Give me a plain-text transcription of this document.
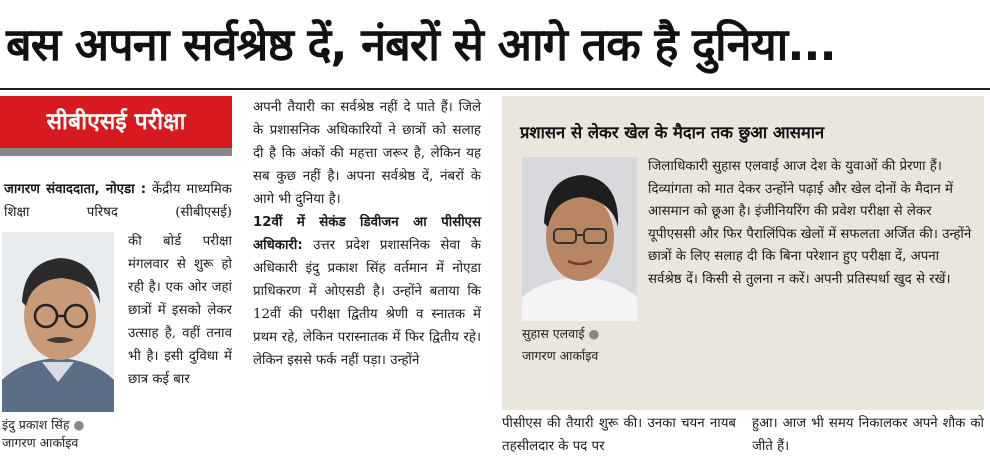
बस अपना सर्वश्रेष्ठ दें, नंबरों से आगे तक है दुनिया...
सीबीएसई परीक्षा

जागरण संवाददाता, नोएडा : केंद्रीय माध्यमिक शिक्षा परिषद (सीबीएसई)

इंदु प्रकाश सिंह ●
जागरण आर्काइव

की बोर्ड परीक्षा मंगलवार से शुरू हो रही है। एक ओर जहां छात्रों में इसको लेकर उत्साह है, वहीं तनाव भी है। इसी दुविधा में छात्र कई बार

अपनी तैयारी का सर्वश्रेष्ठ नहीं दे पाते हैं। जिले के प्रशासनिक अधिकारियों ने छात्रों को सलाह दी है कि अंकों की महत्ता जरूर है, लेकिन यह सब कुछ नहीं है। अपना सर्वश्रेष्ठ दें, नंबरों के आगे भी दुनिया है।

12वीं में सेकंड डिवीजन आ पीसीएस अधिकारी: उत्तर प्रदेश प्रशासनिक सेवा के अधिकारी इंदु प्रकाश सिंह वर्तमान में नोएडा प्राधिकरण में ओएसडी है। उन्होंने बताया कि 12वीं की परीक्षा द्वितीय श्रेणी व स्नातक में प्रथम रहे, लेकिन परास्नातक में फिर द्वितीय रहे। लेकिन इससे फर्क नहीं पड़ा। उन्होंने

प्रशासन से लेकर खेल के मैदान तक छुआ आसमान
सुहास एलवाई ●
जागरण आर्काइव

जिलाधिकारी सुहास एलवाई आज देश के युवाओं की प्रेरणा हैं। दिव्यांगता को मात देकर उन्होंने पढ़ाई और खेल दोनों के मैदान में आसमान को छूआ है। इंजीनियरिंग की प्रवेश परीक्षा से लेकर यूपीएससी और फिर पैरालिंपिक खेलों में सफलता अर्जित की। उन्होंने छात्रों के लिए सलाह दी कि बिना परेशान हुए परीक्षा दें, अपना सर्वश्रेष्ठ दें। किसी से तुलना न करें। अपनी प्रतिस्पर्धा खुद से रखें।

पीसीएस की तैयारी शुरू की। उनका चयन नायब तहसीलदार के पद पर

हुआ। आज भी समय निकालकर अपने शौक को जीते हैं।
